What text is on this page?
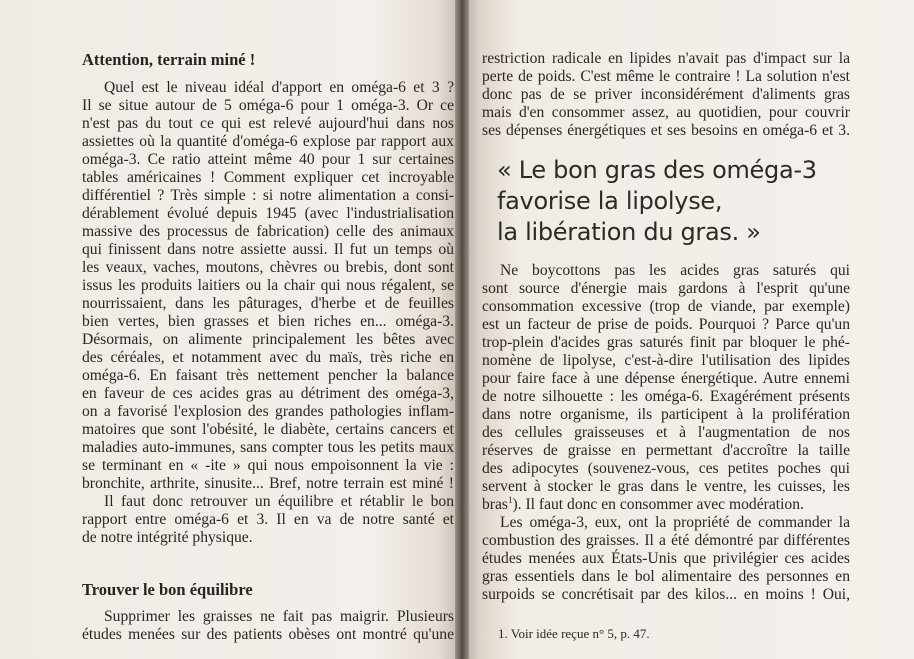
Attention, terrain miné !

Quel est le niveau idéal d'apport en oméga-6 et 3 ?

Il se situe autour de 5 oméga-6 pour 1 oméga-3. Or ce

n'est pas du tout ce qui est relevé aujourd'hui dans nos

assiettes où la quantité d'oméga-6 explose par rapport aux

oméga-3. Ce ratio atteint même 40 pour 1 sur certaines

tables américaines ! Comment expliquer cet incroyable

différentiel ? Très simple : si notre alimentation a consi-

dérablement évolué depuis 1945 (avec l'industrialisation

massive des processus de fabrication) celle des animaux

qui finissent dans notre assiette aussi. Il fut un temps où

les veaux, vaches, moutons, chèvres ou brebis, dont sont

issus les produits laitiers ou la chair qui nous régalent, se

nourrissaient, dans les pâturages, d'herbe et de feuilles

bien vertes, bien grasses et bien riches en... oméga-3.

Désormais, on alimente principalement les bêtes avec

des céréales, et notamment avec du maïs, très riche en

oméga-6. En faisant très nettement pencher la balance

en faveur de ces acides gras au détriment des oméga-3,

on a favorisé l'explosion des grandes pathologies inflam-

matoires que sont l'obésité, le diabète, certains cancers et

maladies auto-immunes, sans compter tous les petits maux

se terminant en « -ite » qui nous empoisonnent la vie :

bronchite, arthrite, sinusite... Bref, notre terrain est miné !

Il faut donc retrouver un équilibre et rétablir le bon

rapport entre oméga-6 et 3. Il en va de notre santé et

de notre intégrité physique.

Trouver le bon équilibre

Supprimer les graisses ne fait pas maigrir. Plusieurs

études menées sur des patients obèses ont montré qu'une

restriction radicale en lipides n'avait pas d'impact sur la

perte de poids. C'est même le contraire ! La solution n'est

donc pas de se priver inconsidérément d'aliments gras

mais d'en consommer assez, au quotidien, pour couvrir

ses dépenses énergétiques et ses besoins en oméga-6 et 3.

« Le bon gras des oméga-3
favorise la lipolyse,
la libération du gras. »

Ne boycottons pas les acides gras saturés qui

sont source d'énergie mais gardons à l'esprit qu'une

consommation excessive (trop de viande, par exemple)

est un facteur de prise de poids. Pourquoi ? Parce qu'un

trop-plein d'acides gras saturés finit par bloquer le phé-

nomène de lipolyse, c'est-à-dire l'utilisation des lipides

pour faire face à une dépense énergétique. Autre ennemi

de notre silhouette : les oméga-6. Exagérément présents

dans notre organisme, ils participent à la prolifération

des cellules graisseuses et à l'augmentation de nos

réserves de graisse en permettant d'accroître la taille

des adipocytes (souvenez-vous, ces petites poches qui

servent à stocker le gras dans le ventre, les cuisses, les

bras$^1$). Il faut donc en consommer avec modération.

Les oméga-3, eux, ont la propriété de commander la

combustion des graisses. Il a été démontré par différentes

études menées aux États-Unis que privilégier ces acides

gras essentiels dans le bol alimentaire des personnes en

surpoids se concrétisait par des kilos... en moins ! Oui,

1. Voir idée reçue n° 5, p. 47.
